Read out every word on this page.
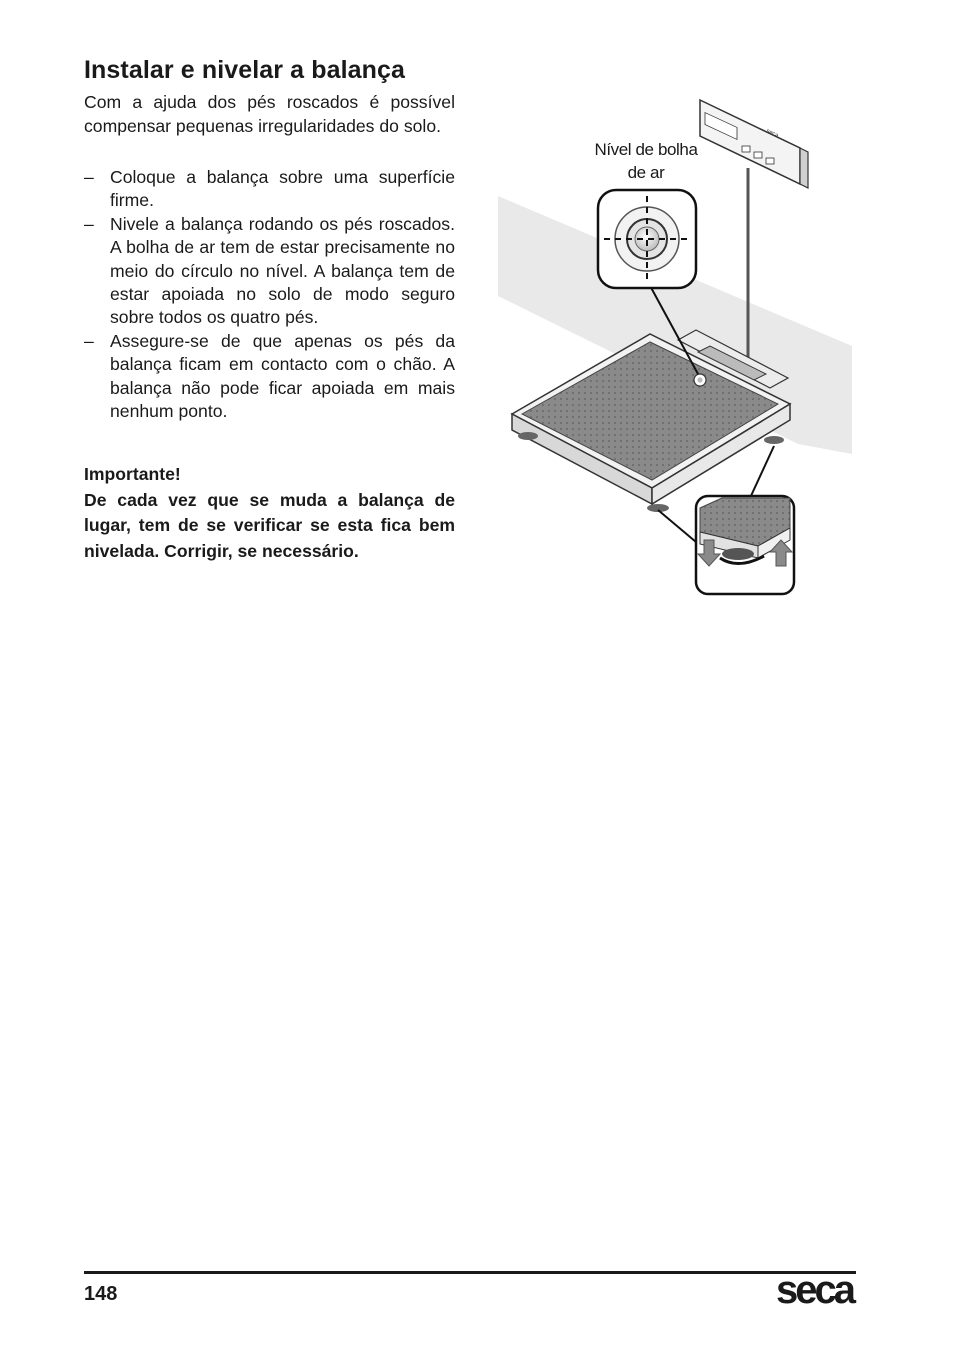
Instalar e nivelar a balança

Com a ajuda dos pés roscados é possível compensar pequenas irregularidades do solo.

– Coloque a balança sobre uma superfície firme.
– Nivele a balança rodando os pés roscados. A bolha de ar tem de estar precisamente no meio do círculo no nível. A balança tem de estar apoiada no solo de modo seguro sobre todos os quatro pés.
– Assegure-se de que apenas os pés da balança ficam em contacto com o chão. A balança não pode ficar apoiada em mais nenhum ponto.
Importante!
De cada vez que se muda a balança de lugar, tem de se verificar se esta fica bem nivelada. Corrigir, se necessário.
Nível de bolha
de ar
seca
148	seca
